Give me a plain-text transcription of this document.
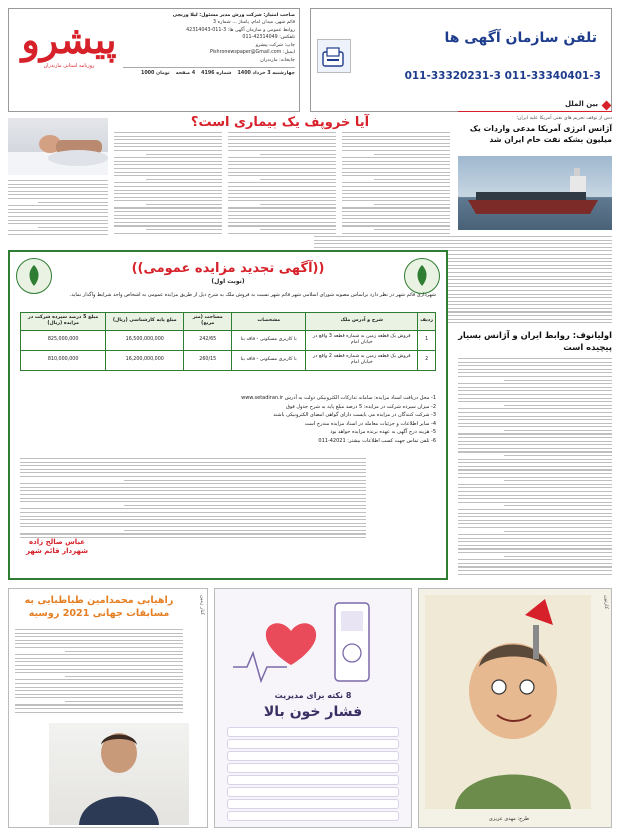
صاحب امتیاز: شرکت ورش مدیر مسئول: لیلا وریچی
قائم شهر، میدان امام، پاساژ ... شماره 3
روابط عمومی و سازمان آگهی ها: 3-011-42314043
تلفکس: 42314049-011
چاپ: شرکت پیشرو
ایمیل: Pishronewspaper@Gmail.com
چاپخانه: مازندران
چهارشنبه 3 خرداد 1400
شماره 4196
4 صفحه
تومان 1000
پیشرو
روزنامه استانی مازندران
تلفن سازمان آگهی ها
011-33320231-3 011-33340401-3
آیا خروپف یک بیماری است؟
بین الملل
دس از توقف تحریم های نفتی آمریکا علیه ایران؛
آژانس انرژی آمریکا مدعی واردات یک میلیون بشکه نفت خام ایران شد
((آگهی تجدید مزایده عمومی))
(نوبت اول)
شهرداری قائم شهر در نظر دارد براساس مصوبه شورای اسلامی شهر قائم شهر نسبت به فروش ملک به شرح ذیل از طریق مزایده عمومی به اشخاص واجد شرایط واگذار نماید.
ردیف	شرح و آدرس ملک	مشخصات	مساحت (متر مربع)	مبلغ پایه کارشناسی (ریال)	مبلغ 5 درصد سپرده شرکت در مزایده (ریال)
1	فروش یک قطعه زمین به شماره قطعه 3 واقع در خیابان امام	با کاربری مسکونی - فاقد بنا	242/65	16,500,000,000	825,000,000
2	فروش یک قطعه زمین به شماره قطعه 2 واقع در خیابان امام	با کاربری مسکونی - فاقد بنا	260/15	16,200,000,000	810,000,000
1- محل دریافت اسناد مزایده: سامانه تدارکات الکترونیکی دولت به آدرس www.setadiran.ir
2- میزان سپرده شرکت در مزایده: 5 درصد مبلغ پایه به شرح جدول فوق
3- شرکت کنندگان در مزایده می بایست دارای گواهی امضای الکترونیکی باشند
4- سایر اطلاعات و جزئیات معامله در اسناد مزایده مندرج است
5- هزینه درج آگهی به عهده برنده مزایده خواهد بود
6- تلفن تماس جهت کسب اطلاعات بیشتر: 42021-011
عباس صالح زاده
شهردار قائم شهر
اولیانوف: روابط ایران و آژانس بسیار پیچیده است
راهیابی محمدامین طباطبایی به مسابقات جهانی 2021 روسیه	کنار زمین
8 نکته برای مدیریت
فشار خون بالا
کارتون
طرح: مهدی عزیزی
